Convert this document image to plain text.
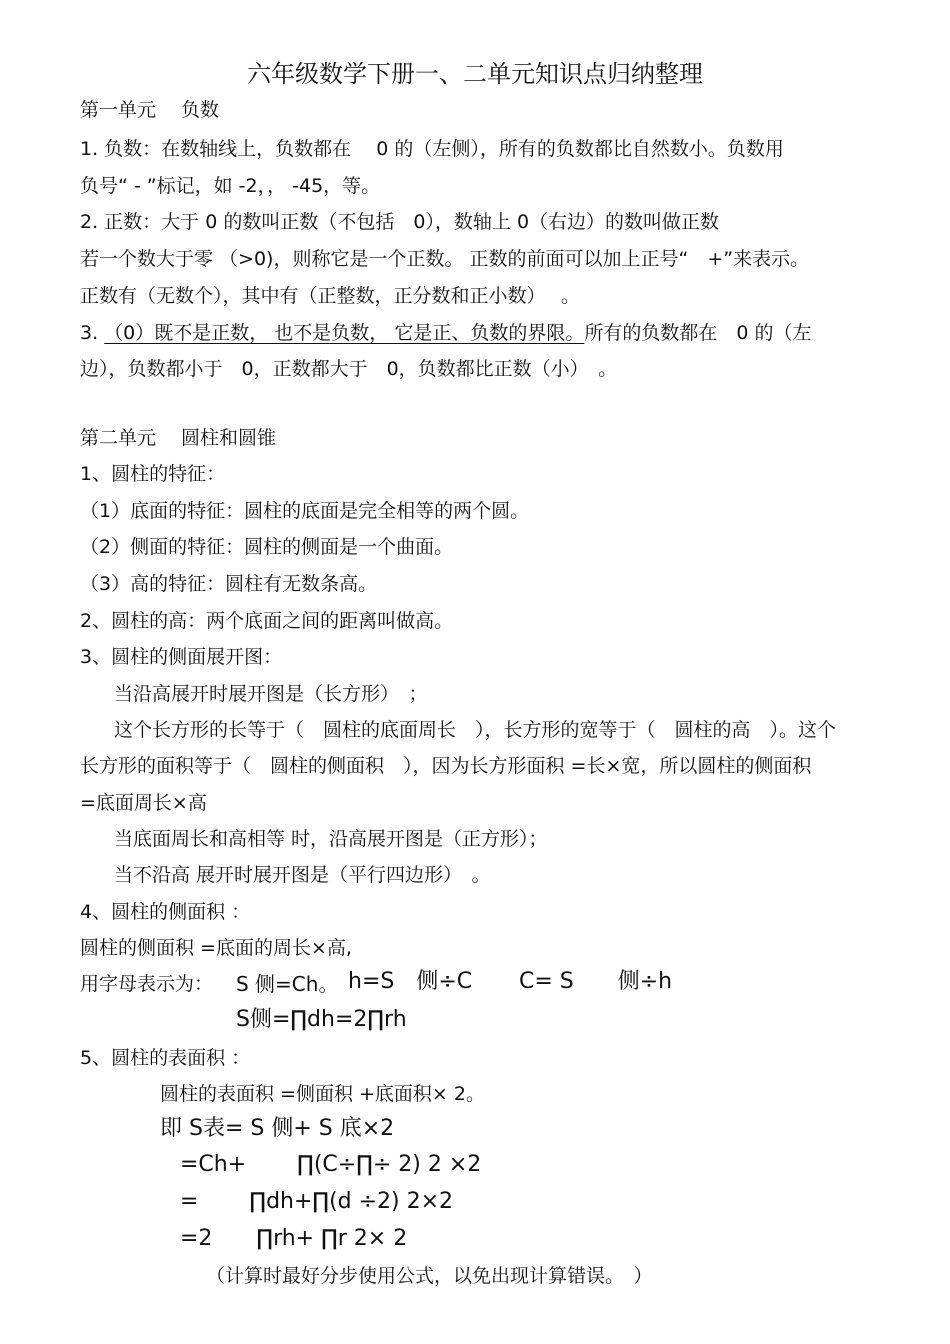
六年级数学下册一、二单元知识点归纳整理
第一单元　 负数
1. 负数：在数轴线上，负数都在　 0 的（左侧），所有的负数都比自然数小。负数用
负号“ - ”标记，如 -2，， -45，等。
2. 正数：大于 0 的数叫正数（不包括　0），数轴上 0（右边）的数叫做正数
若一个数大于零 （>0)，则称它是一个正数。 正数的前面可以加上正号“　+”来表示。
正数有（无数个），其中有（正整数，正分数和正小数）　 。
3. （0）既不是正数， 也不是负数， 它是正、负数的界限。所有的负数都在　0 的（左
边），负数都小于　0，正数都大于　0，负数都比正数（小）　。
第二单元　 圆柱和圆锥
1、圆柱的特征：
（1）底面的特征：圆柱的底面是完全相等的两个圆。
（2）侧面的特征：圆柱的侧面是一个曲面。
（3）高的特征：圆柱有无数条高。
2、圆柱的高：两个底面之间的距离叫做高。
3、圆柱的侧面展开图：
当沿高展开时展开图是（长方形）　；
这个长方形的长等于（　圆柱的底面周长　），长方形的宽等于（　圆柱的高　）。这个
长方形的面积等于（　圆柱的侧面积　），因为长方形面积 =长×宽，所以圆柱的侧面积
=底面周长×高
当底面周长和高相等 时，沿高展开图是（正方形）；
当不沿高 展开时展开图是（平行四边形）　。
4、圆柱的侧面积 ：
圆柱的侧面积 =底面的周长×高,
用字母表示为：	S 侧=Ch。 h=S　侧÷C	C= S　　侧÷h
S侧=∏dh=2∏rh
5、圆柱的表面积 ：
圆柱的表面积 =侧面积 +底面积× 2。
即 S表= S 侧+ S 底×2
=Ch+　　 ∏(C÷∏÷ 2) 2 ×2
=　　 ∏dh+∏(d ÷2) 2×2
=2　　∏rh+ ∏r 2× 2
（计算时最好分步使用公式，以免出现计算错误。　）
